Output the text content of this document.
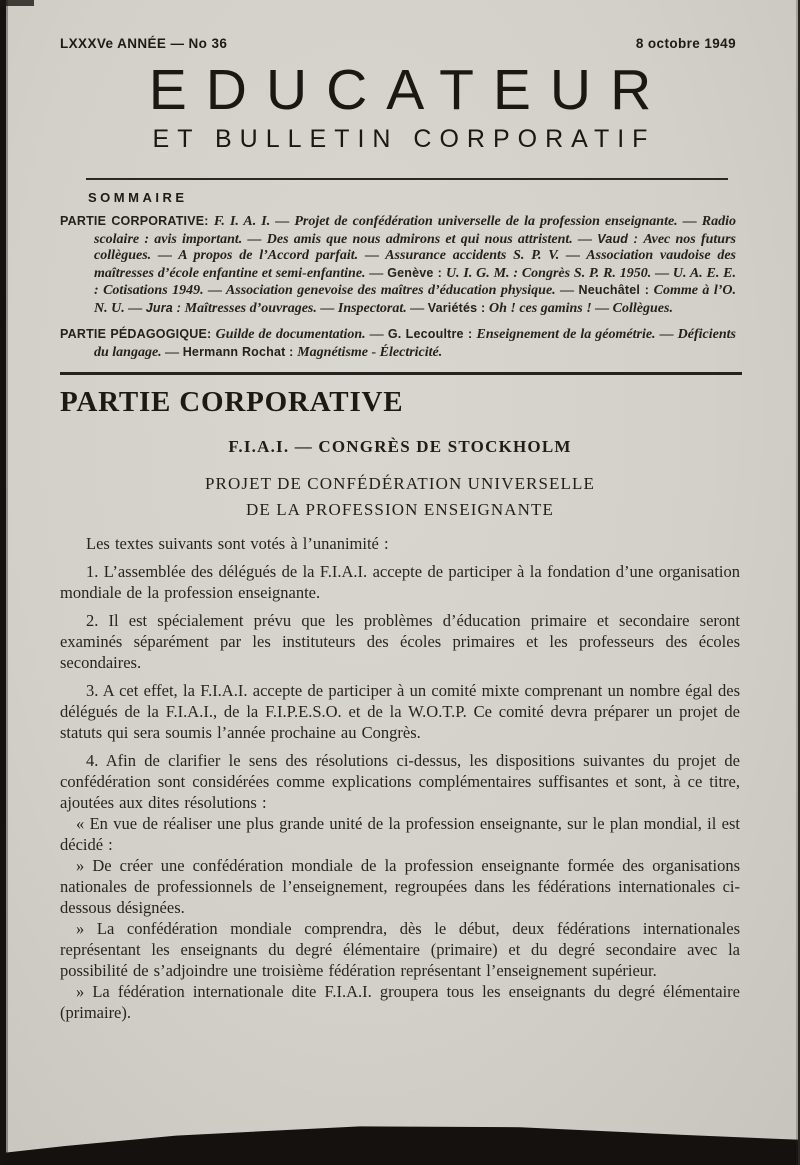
LXXXVe ANNÉE — No 36	8 octobre 1949
EDUCATEUR
ET BULLETIN CORPORATIF
SOMMAIRE

PARTIE CORPORATIVE: F. I. A. I. — Projet de confédération universelle de la profession enseignante. — Radio scolaire : avis important. — Des amis que nous admirons et qui nous attristent. — Vaud : Avec nos futurs collègues. — A propos de l’Accord parfait. — Assurance accidents S. P. V. — Association vaudoise des maîtresses d’école enfantine et semi-enfantine. — Genève : U. I. G. M. : Congrès S. P. R. 1950. — U. A. E. E. : Cotisations 1949. — Association genevoise des maîtres d’éducation physique. — Neuchâtel : Comme à l’O. N. U. — Jura : Maîtresses d’ouvrages. — Inspectorat. — Variétés : Oh ! ces gamins ! — Collègues.

PARTIE PÉDAGOGIQUE: Guilde de documentation. — G. Lecoultre : Enseignement de la géométrie. — Déficients du langage. — Hermann Rochat : Magnétisme - Électricité.

PARTIE CORPORATIVE
F.I.A.I. — CONGRÈS DE STOCKHOLM
PROJET DE CONFÉDÉRATION UNIVERSELLE
DE LA PROFESSION ENSEIGNANTE

Les textes suivants sont votés à l’unanimité :

1. L’assemblée des délégués de la F.I.A.I. accepte de participer à la fondation d’une organisation mondiale de la profession enseignante.

2. Il est spécialement prévu que les problèmes d’éducation primaire et secondaire seront examinés séparément par les instituteurs des écoles primaires et les professeurs des écoles secondaires.

3. A cet effet, la F.I.A.I. accepte de participer à un comité mixte comprenant un nombre égal des délégués de la F.I.A.I., de la F.I.P.E.S.O. et de la W.O.T.P. Ce comité devra préparer un projet de statuts qui sera soumis l’année prochaine au Congrès.

4. Afin de clarifier le sens des résolutions ci-dessus, les dispositions suivantes du projet de confédération sont considérées comme explications complémentaires suffisantes et sont, à ce titre, ajoutées aux dites résolutions :

« En vue de réaliser une plus grande unité de la profession enseignante, sur le plan mondial, il est décidé :

» De créer une confédération mondiale de la profession enseignante formée des organisations nationales de professionnels de l’enseignement, regroupées dans les fédérations internationales ci-dessous désignées.

» La confédération mondiale comprendra, dès le début, deux fédérations internationales représentant les enseignants du degré élémentaire (primaire) et du degré secondaire avec la possibilité de s’adjoindre une troisième fédération représentant l’enseignement supérieur.

» La fédération internationale dite F.I.A.I. groupera tous les enseignants du degré élémentaire (primaire).
